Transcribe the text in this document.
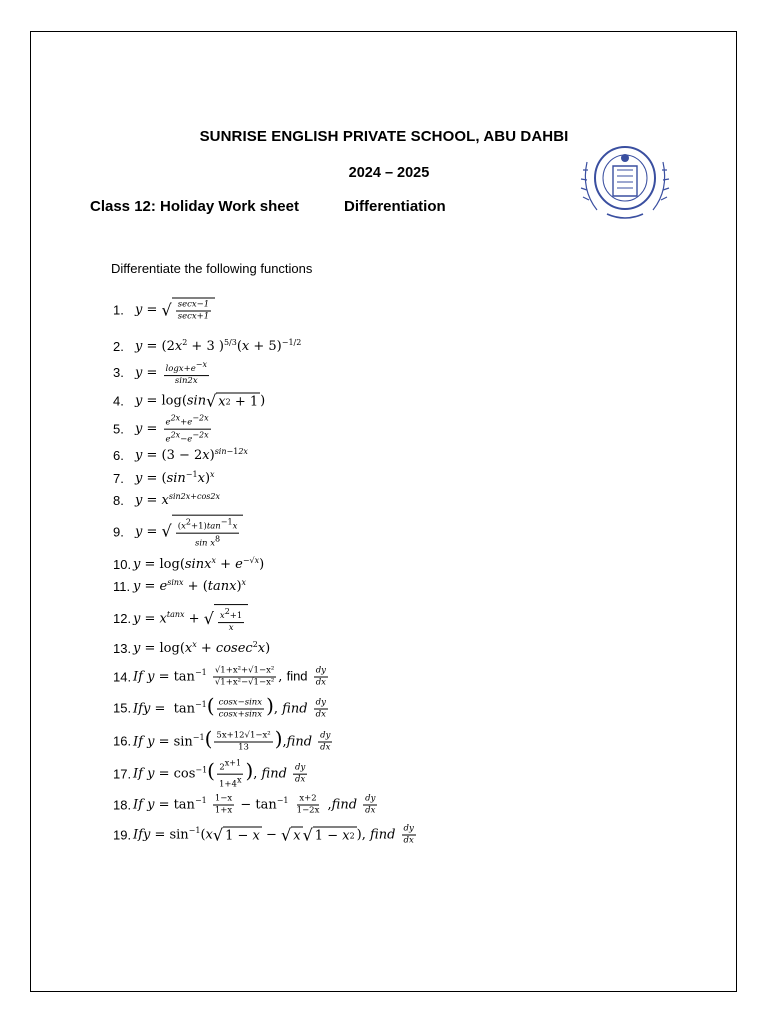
SUNRISE ENGLISH PRIVATE SCHOOL, ABU DAHBI
2024 – 2025
Class 12: Holiday Work sheet	Differentiation
Differentiate the following functions
1. y = √ $\frac{\sec x-1}{\sec x+1}$
2. $y = (2x^2 + 3$ )$^{5/3}(x + 5)^{-1/2}$
3. $y = \frac{\log x+e^{-x}}{\sin 2x}$
4. y = log(sin √ x 2 + 1 )
5. $y = \frac{e^{2x}+e^{-2x}}{e^{2x}-e^{-2x}}$
6. $y = (3 - 2x)^{sin-12x}$
7. $y = (\sin^{-1}x)^x$
8. $y = x^{sin2x+cos2x}$
9. y = √ $\frac{(x^2+1)\tan^{-1}x}{\sin x^8}$
10. $y = \log(\sin x^x + e^{-√x})$
11. $y = e^{sinx} + (\tan x)^x$
12. $y = x^{tanx}$ + √ $\frac{x^2+1}{x}$
13. $y = \log(x^x + cosec^2x)$
14. If $y = \tan^{-1} \frac{\text{√1+x²+√1−x²}}{\text{√1+x²−√1−x²}}$ , find $\frac{dy}{dx}$
15. Ify =  $\tan^{-1}( \frac{\cos x-\sin x}{\cos x+\sin x}$ ), find $\frac{dy}{dx}$
16. If $y = \sin^{-1}( \frac{\text{5x+12√1−x²}}{13}$ ),find $\frac{dy}{dx}$
17. If $y = \cos^{-1}( \frac{2^{x+1}}{1+4^x}$ ), find $\frac{dy}{dx}$
18. If $y = \tan^{-1} \frac{1-x}{1+x} - \tan^{-1} \frac{x+2}{1-2x}$ ,find $\frac{dy}{dx}$
19. Ify = $\sin^{-1}(x$ √ 1 − x − √ x √ 1 − x 2 ), find $\frac{dy}{dx}$
